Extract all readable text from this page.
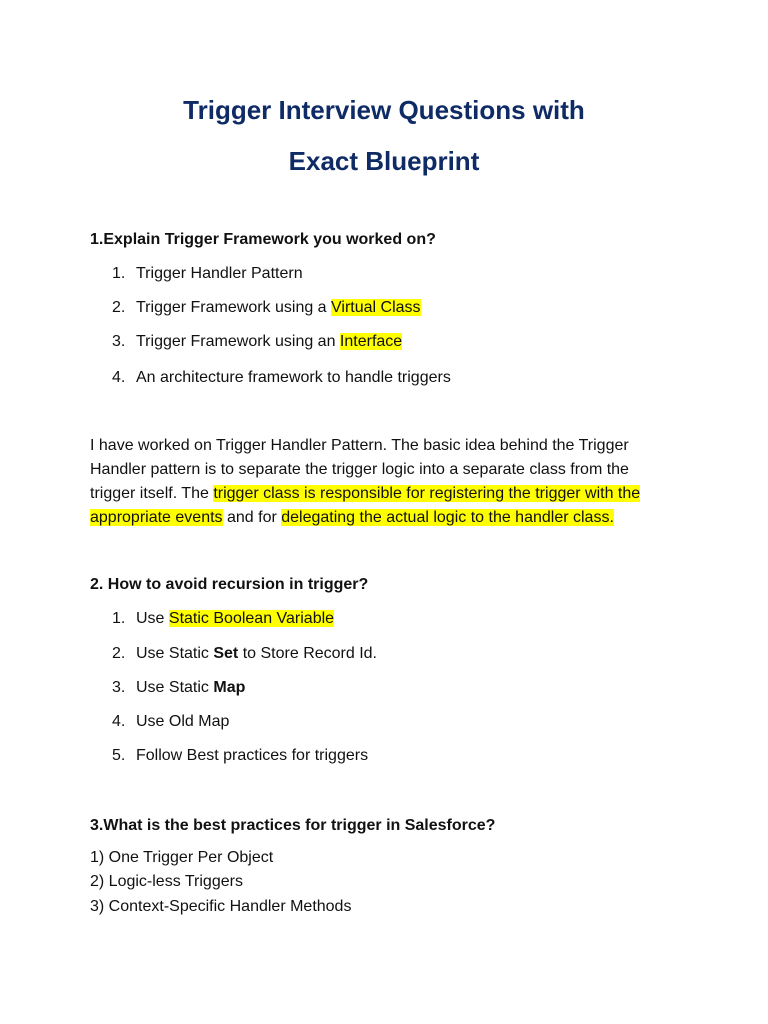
Trigger Interview Questions with
Exact Blueprint
1.Explain Trigger Framework you worked on?
1. Trigger Handler Pattern
2. Trigger Framework using a Virtual Class
3. Trigger Framework using an Interface
4. An architecture framework to handle triggers
I have worked on Trigger Handler Pattern. The basic idea behind the Trigger
Handler pattern is to separate the trigger logic into a separate class from the
trigger itself. The trigger class is responsible for registering the trigger with the
appropriate events and for delegating the actual logic to the handler class.
2. How to avoid recursion in trigger?
1. Use Static Boolean Variable
2. Use Static Set to Store Record Id.
3. Use Static Map
4. Use Old Map
5. Follow Best practices for triggers
3.What is the best practices for trigger in Salesforce?
1) One Trigger Per Object
2) Logic-less Triggers
3) Context-Specific Handler Methods
